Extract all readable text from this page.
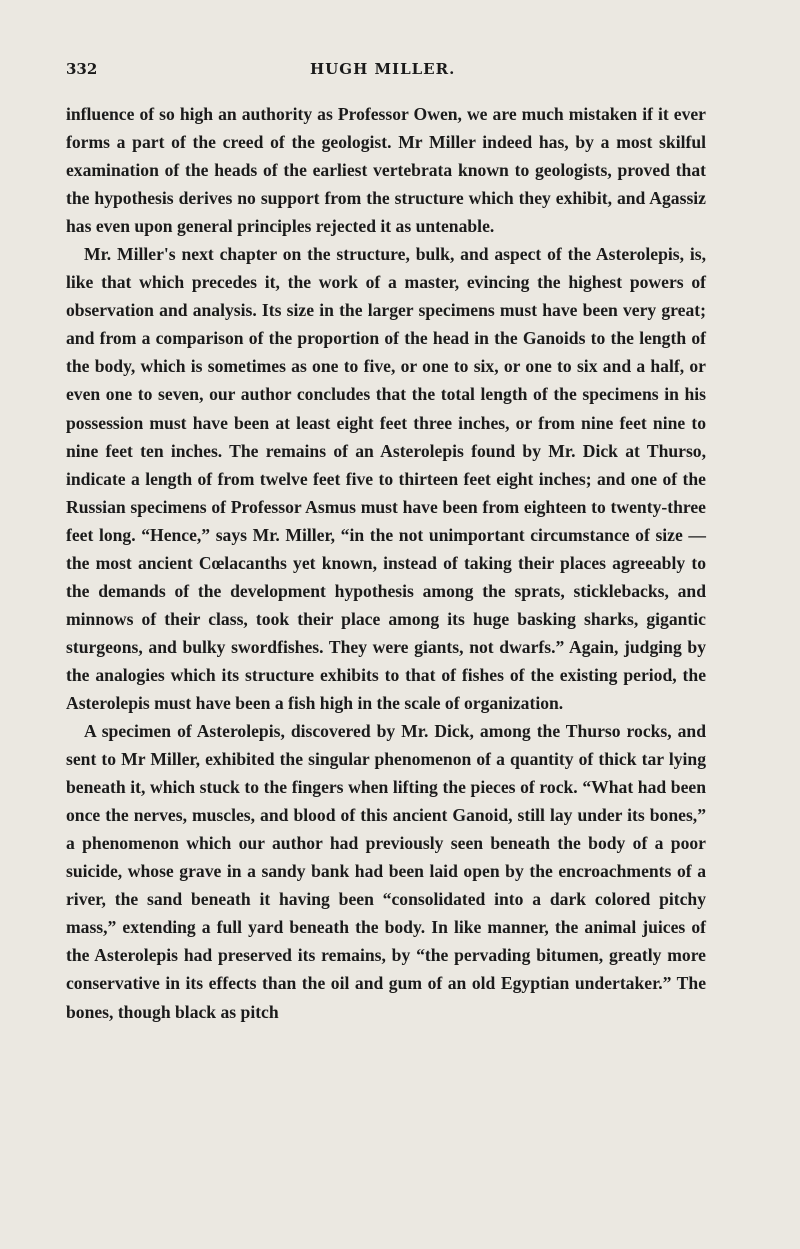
332	HUGH MILLER.

influence of so high an authority as Professor Owen, we are much mistaken if it ever forms a part of the creed of the geologist. Mr Miller indeed has, by a most skilful examination of the heads of the earliest vertebrata known to geologists, proved that the hypothesis derives no support from the structure which they exhibit, and Agassiz has even upon general principles rejected it as untenable.

Mr. Miller's next chapter on the structure, bulk, and aspect of the Asterolepis, is, like that which precedes it, the work of a master, evincing the highest powers of observation and analysis. Its size in the larger specimens must have been very great; and from a comparison of the proportion of the head in the Ganoids to the length of the body, which is sometimes as one to five, or one to six, or one to six and a half, or even one to seven, our author concludes that the total length of the specimens in his possession must have been at least eight feet three inches, or from nine feet nine to nine feet ten inches. The remains of an Asterolepis found by Mr. Dick at Thurso, indicate a length of from twelve feet five to thirteen feet eight inches; and one of the Russian specimens of Professor Asmus must have been from eighteen to twenty-three feet long. “Hence,” says Mr. Miller, “in the not unimportant circumstance of size — the most ancient Cœlacanths yet known, instead of taking their places agreeably to the demands of the development hypothesis among the sprats, sticklebacks, and minnows of their class, took their place among its huge basking sharks, gigantic sturgeons, and bulky swordfishes. They were giants, not dwarfs.” Again, judging by the analogies which its structure exhibits to that of fishes of the existing period, the Asterolepis must have been a fish high in the scale of organization.

A specimen of Asterolepis, discovered by Mr. Dick, among the Thurso rocks, and sent to Mr Miller, exhibited the singular phenomenon of a quantity of thick tar lying beneath it, which stuck to the fingers when lifting the pieces of rock. “What had been once the nerves, muscles, and blood of this ancient Ganoid, still lay under its bones,” a phenomenon which our author had previously seen beneath the body of a poor suicide, whose grave in a sandy bank had been laid open by the encroachments of a river, the sand beneath it having been “consolidated into a dark colored pitchy mass,” extending a full yard beneath the body. In like manner, the animal juices of the Asterolepis had preserved its remains, by “the pervading bitumen, greatly more conservative in its effects than the oil and gum of an old Egyptian undertaker.” The bones, though black as pitch
